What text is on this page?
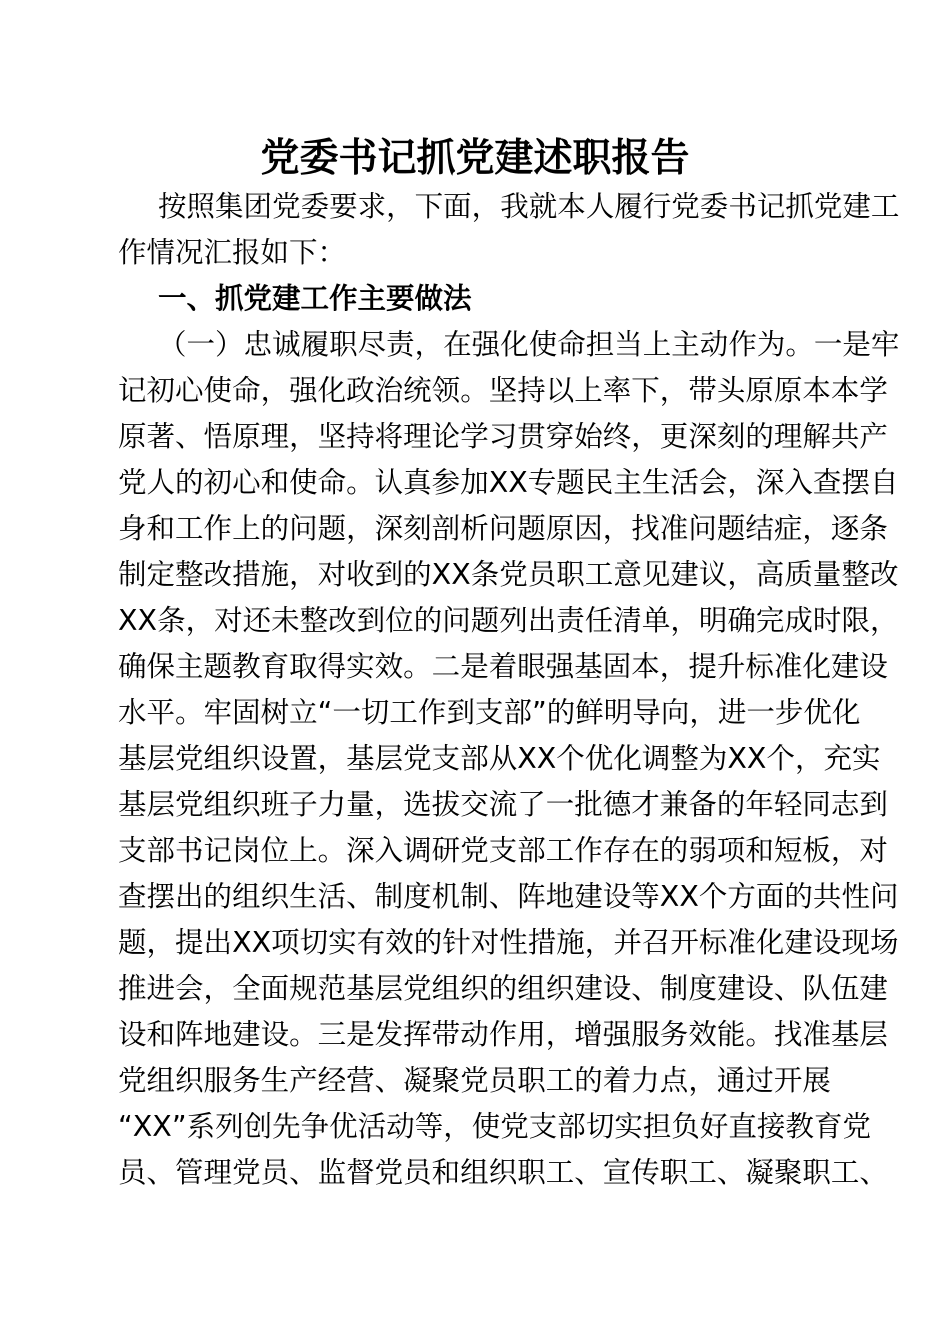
党委书记抓党建述职报告

按 照 集 团 党 委 要 求 ， 下 面 ， 我 就 本 人 履 行 党 委 书 记 抓 党 建 工

作情况汇报如下：

一、抓党建工作主要做法

（ 一 ） 忠 诚 履 职 尽 责 ， 在 强 化 使 命 担 当 上 主 动 作 为 。 一 是 牢

记 初 心 使 命 ， 强 化 政 治 统 领 。 坚 持 以 上 率 下 ， 带 头 原 原 本 本 学

原 著 、 悟 原 理 ， 坚 持 将 理 论 学 习 贯 穿 始 终 ， 更 深 刻 的 理 解 共 产

党 人 的 初 心 和 使 命 。 认 真 参 加 X X 专 题 民 主 生 活 会 ， 深 入 查 摆 自

身 和 工 作 上 的 问 题 ， 深 刻 剖 析 问 题 原 因 ， 找 准 问 题 结 症 ， 逐 条

制 定 整 改 措 施 ， 对 收 到 的 X X 条 党 员 职 工 意 见 建 议 ， 高 质 量 整 改

X X 条 ， 对 还 未 整 改 到 位 的 问 题 列 出 责 任 清 单 ， 明 确 完 成 时 限 ，

确 保 主 题 教 育 取 得 实 效 。 二 是 着 眼 强 基 固 本 ， 提 升 标 准 化 建 设

水 平 。 牢 固 树 立 “ 一 切 工 作 到 支 部 ” 的 鲜 明 导 向 ， 进 一 步 优 化

基 层 党 组 织 设 置 ， 基 层 党 支 部 从 X X 个 优 化 调 整 为 X X 个 ， 充 实

基 层 党 组 织 班 子 力 量 ， 选 拔 交 流 了 一 批 德 才 兼 备 的 年 轻 同 志 到

支 部 书 记 岗 位 上 。 深 入 调 研 党 支 部 工 作 存 在 的 弱 项 和 短 板 ， 对

查 摆 出 的 组 织 生 活 、 制 度 机 制 、 阵 地 建 设 等 X X 个 方 面 的 共 性 问

题 ， 提 出 X X 项 切 实 有 效 的 针 对 性 措 施 ， 并 召 开 标 准 化 建 设 现 场

推 进 会 ， 全 面 规 范 基 层 党 组 织 的 组 织 建 设 、 制 度 建 设 、 队 伍 建

设 和 阵 地 建 设 。 三 是 发 挥 带 动 作 用 ， 增 强 服 务 效 能 。 找 准 基 层

党 组 织 服 务 生 产 经 营 、 凝 聚 党 员 职 工 的 着 力 点 ， 通 过 开 展

“ X X ” 系 列 创 先 争 优 活 动 等 ， 使 党 支 部 切 实 担 负 好 直 接 教 育 党

员 、 管 理 党 员 、 监 督 党 员 和 组 织 职 工 、 宣 传 职 工 、 凝 聚 职 工 、
